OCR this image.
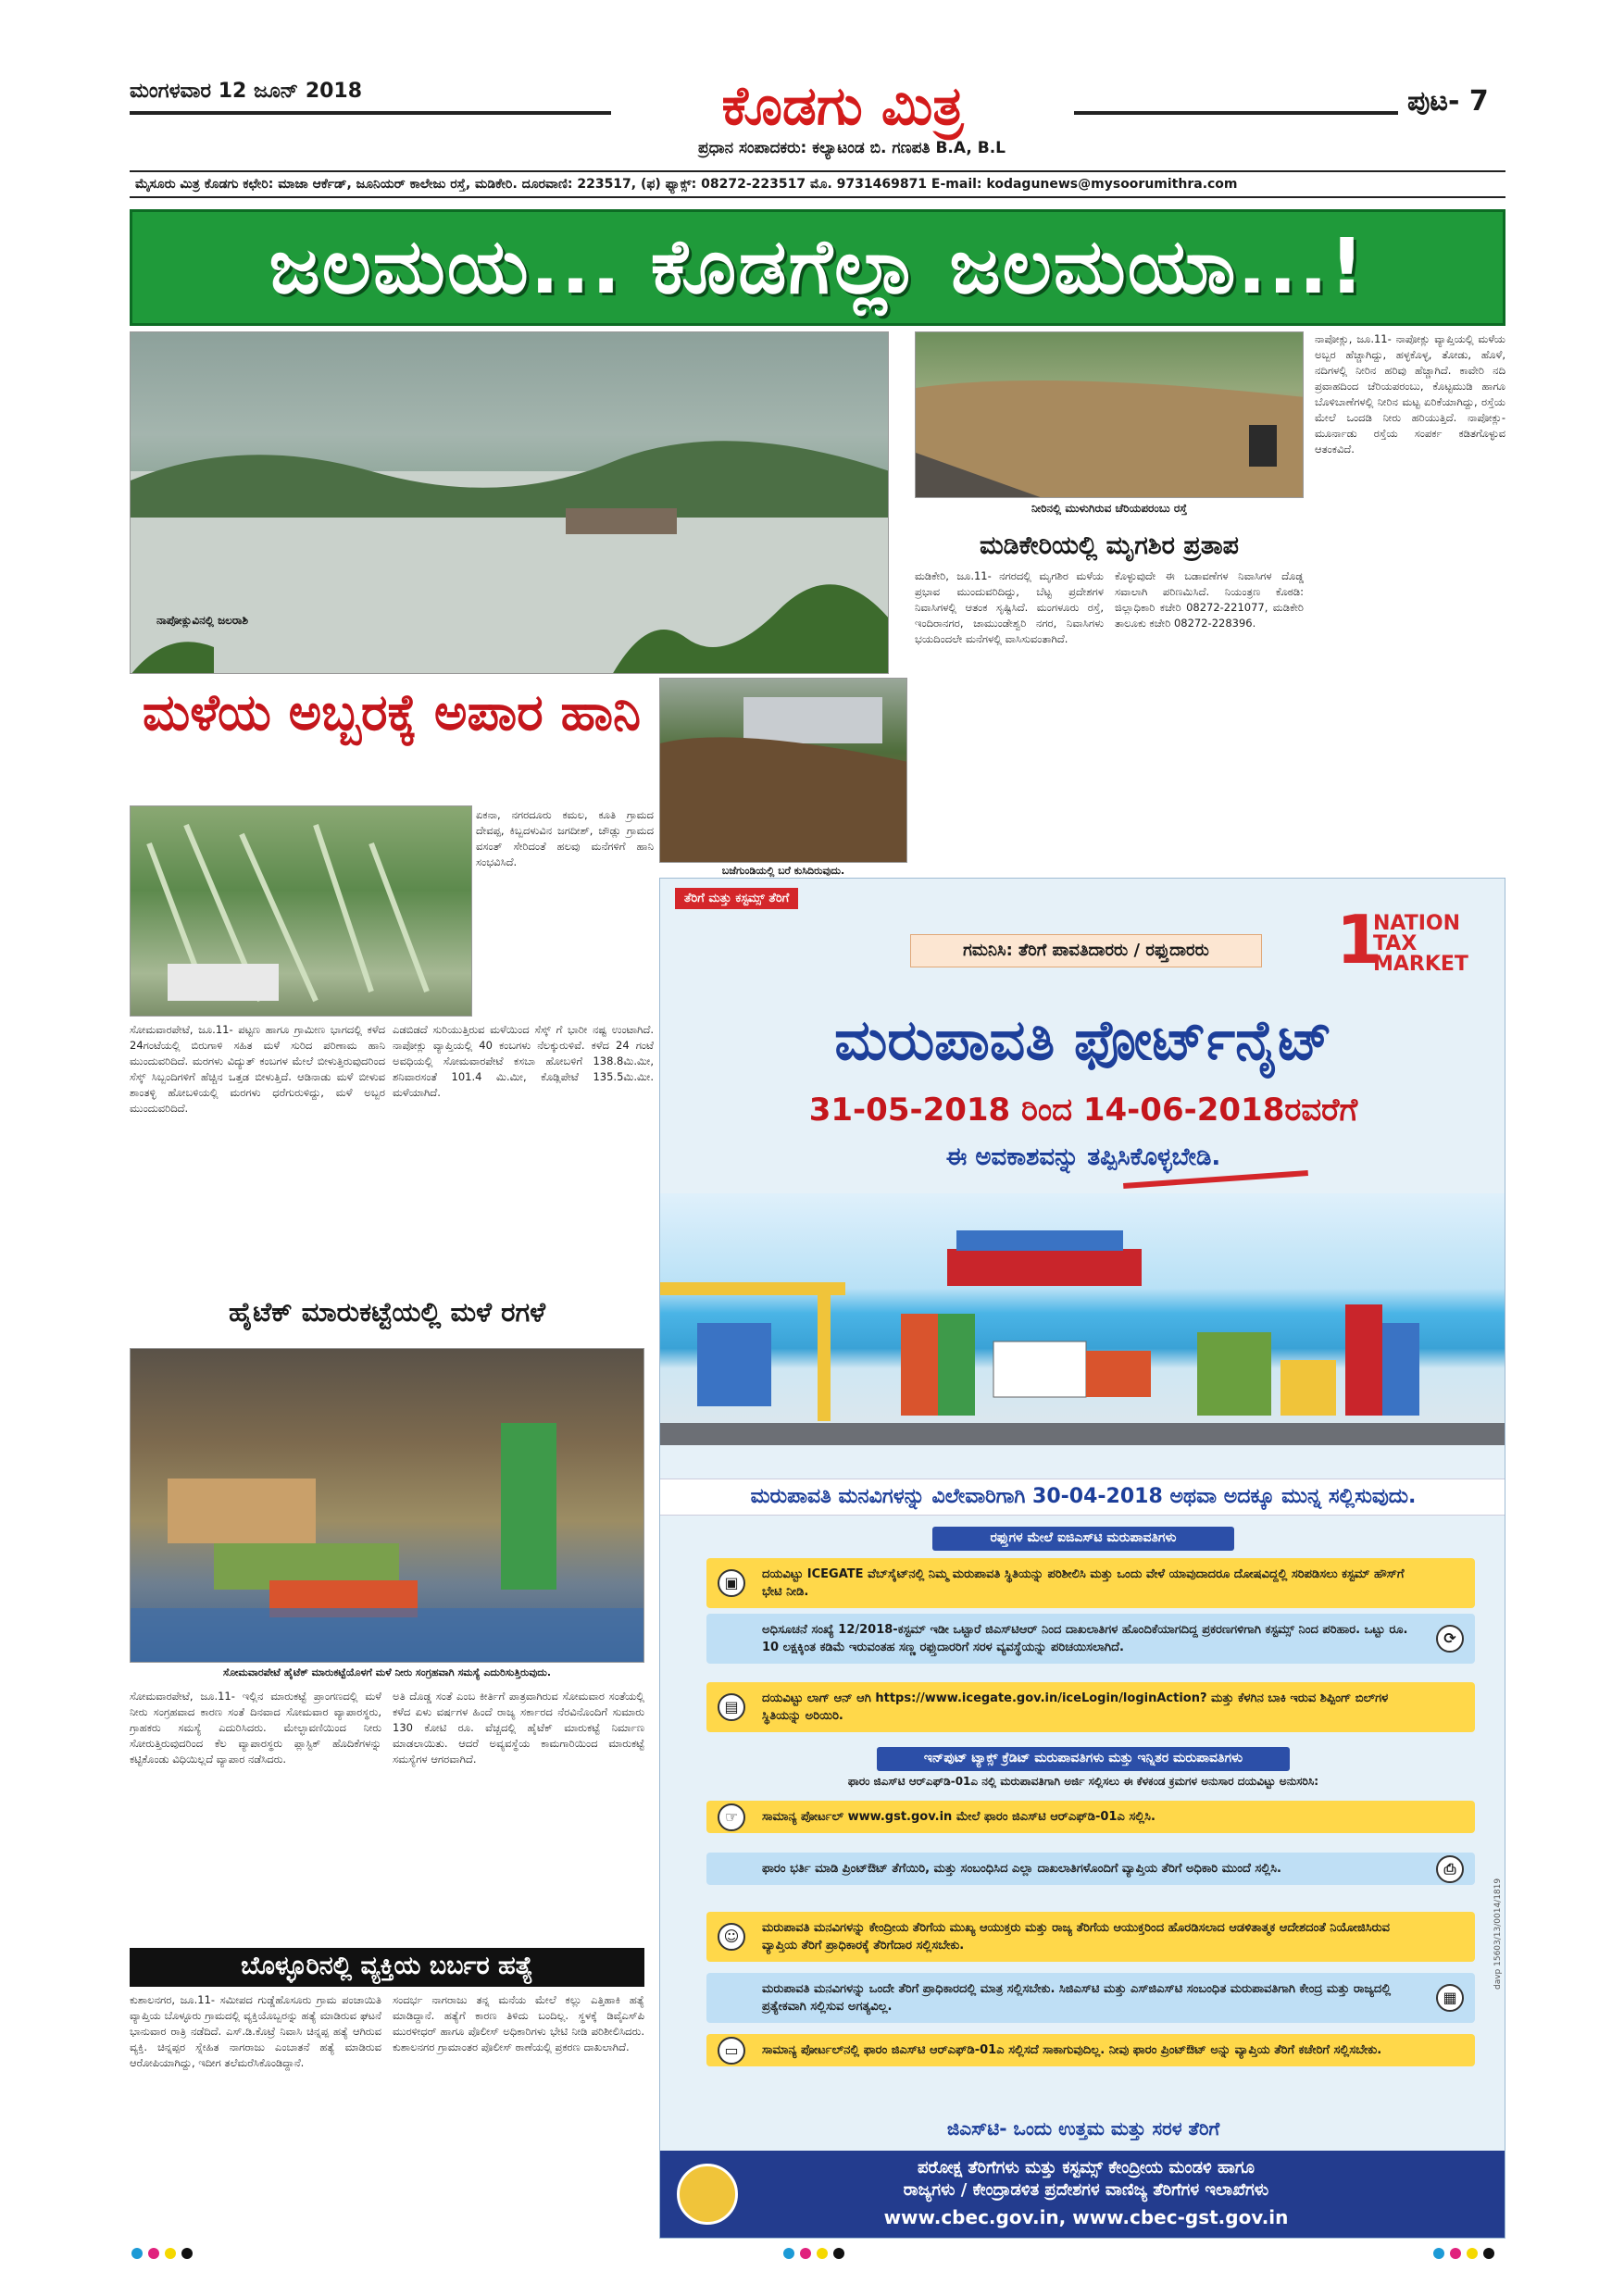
ಮಂಗಳವಾರ 12 ಜೂನ್ 2018	ಕೊಡಗು ಮಿತ್ರ
ಪ್ರಧಾನ ಸಂಪಾದಕರು: ಕಲ್ಯಾಟಂಡ ಬಿ. ಗಣಪತಿ B.A, B.L
ಪುಟ- 7
ಮೈಸೂರು ಮಿತ್ರ ಕೊಡಗು ಕಛೇರಿ: ಮಾಜಾ ಆರ್ಕೆಡ್, ಜೂನಿಯರ್ ಕಾಲೇಜು ರಸ್ತೆ, ಮಡಿಕೇರಿ. ದೂರವಾಣಿ: 223517, (ಫ) ಫ್ಯಾಕ್ಸ್: 08272-223517 ಮೊ. 9731469871 E-mail: kodagunews@mysoorumithra.com
ಜಲಮಯ... ಕೊಡಗೆಲ್ಲಾ ಜಲಮಯಾ...!
ನಾಪೋಕ್ಲುವಿನಲ್ಲಿ ಜಲರಾಶಿ
ನೀರಿನಲ್ಲಿ ಮುಳುಗಿರುವ ಚೆರಿಯಪರಂಬು ರಸ್ತೆ
ಬಜೆಗುಂಡಿಯಲ್ಲಿ ಬರೆ ಕುಸಿದಿರುವುದು.
ಮಳೆಯ ಅಬ್ಬರಕ್ಕೆ ಅಪಾರ ಹಾನಿ
ಏಕನಾ, ನಗರದೂರು ಕಮಲ, ಕೂತಿ ಗ್ರಾಮದ ದೇವಪ್ಪ, ಕಿಬ್ಬದಳುವಿನ ಜಗದೀಶ್, ಚೌಡ್ಲು ಗ್ರಾಮದ ವಸಂತ್ ಸೇರಿದಂತೆ ಹಲವು ಮನೆಗಳಿಗೆ ಹಾನಿ ಸಂಭವಿಸಿದೆ.
ಸೋಮವಾರಪೇಟೆ, ಜೂ.11- ಪಟ್ಟಣ ಹಾಗೂ ಗ್ರಾಮೀಣ ಭಾಗದಲ್ಲಿ ಕಳೆದ 24ಗಂಟೆಯಲ್ಲಿ ಬಿರುಗಾಳಿ ಸಹಿತ ಮಳೆ ಸುರಿದ ಪರಿಣಾಮ ಹಾನಿ ಮುಂದುವರಿದಿದೆ. ಮರಗಳು ವಿದ್ಯುತ್ ಕಂಬಗಳ ಮೇಲೆ ಬೀಳುತ್ತಿರುವುದರಿಂದ ಸೆಸ್ಕ್ ಸಿಬ್ಬಂದಿಗಳಿಗೆ ಹೆಚ್ಚಿನ ಒತ್ತಡ ಬೀಳುತ್ತಿದೆ. ಆಡಿನಾಡು ಮಳೆ ಬೀಳುವ ಶಾಂತಳ್ಳಿ ಹೋಬಳಿಯಲ್ಲಿ ಮರಗಳು ಧರೆಗುರುಳಿದ್ದು, ಮಳೆ ಅಬ್ಬರ ಮುಂದುವರಿದಿದೆ.
ಎಡಬಿಡದೆ ಸುರಿಯುತ್ತಿರುವ ಮಳೆಯಿಂದ ಸೆಸ್ಕ್ ಗೆ ಭಾರೀ ನಷ್ಟ ಉಂಟಾಗಿದೆ. ನಾಪೋಕ್ಲು ವ್ಯಾಪ್ತಿಯಲ್ಲಿ 40 ಕಂಬಗಳು ನೆಲಕ್ಕುರುಳಿವೆ. ಕಳೆದ 24 ಗಂಟೆ ಅವಧಿಯಲ್ಲಿ ಸೋಮವಾರಪೇಟೆ ಕಸಬಾ ಹೋಬಳಿಗೆ 138.8ಮಿ.ಮೀ, ಶನಿವಾರಸಂತೆ 101.4 ಮಿ.ಮೀ, ಕೊಡ್ಲಿಪೇಟೆ 135.5ಮಿ.ಮೀ. ಮಳೆಯಾಗಿದೆ.
ಮಡಿಕೇರಿಯಲ್ಲಿ ಮೃಗಶಿರ ಪ್ರತಾಪ
ಮಡಿಕೇರಿ, ಜೂ.11- ನಗರದಲ್ಲಿ ಮೃಗಶಿರ ಮಳೆಯ ಪ್ರಭಾವ ಮುಂದುವರಿದಿದ್ದು, ಬೆಟ್ಟ ಪ್ರದೇಶಗಳ ನಿವಾಸಿಗಳಲ್ಲಿ ಆತಂಕ ಸೃಷ್ಟಿಸಿದೆ. ಮಂಗಳೂರು ರಸ್ತೆ, ಇಂದಿರಾನಗರ, ಚಾಮುಂಡೇಶ್ವರಿ ನಗರ, ನಿವಾಸಿಗಳು ಭಯದಿಂದಲೇ ಮನೆಗಳಲ್ಲಿ ವಾಸಿಸುವಂತಾಗಿದೆ.
ಕೊಳ್ಳುವುದೇ ಈ ಬಡಾವಣೆಗಳ ನಿವಾಸಿಗಳ ದೊಡ್ಡ ಸವಾಲಾಗಿ ಪರಿಣಮಿಸಿದೆ. ನಿಯಂತ್ರಣ ಕೊಠಡಿ: ಜಿಲ್ಲಾಧಿಕಾರಿ ಕಚೇರಿ 08272-221077, ಮಡಿಕೇರಿ ತಾಲೂಕು ಕಚೇರಿ 08272-228396.
ನಾಪೋಕ್ಲು, ಜೂ.11- ನಾಪೋಕ್ಲು ವ್ಯಾಪ್ತಿಯಲ್ಲಿ ಮಳೆಯ ಅಬ್ಬರ ಹೆಚ್ಚಾಗಿದ್ದು, ಹಳ್ಳಕೊಳ್ಳ, ತೋಡು, ಹೊಳೆ, ನದಿಗಳಲ್ಲಿ ನೀರಿನ ಹರಿವು ಹೆಚ್ಚಾಗಿದೆ. ಕಾವೇರಿ ನದಿ ಪ್ರವಾಹದಿಂದ ಚೆರಿಯಪರಂಬು, ಕೊಟ್ಟಮುಡಿ ಹಾಗೂ ಬೊಳಿಬಾಣೆಗಳಲ್ಲಿ ನೀರಿನ ಮಟ್ಟ ಏರಿಕೆಯಾಗಿದ್ದು, ರಸ್ತೆಯ ಮೇಲೆ ಒಂದಡಿ ನೀರು ಹರಿಯುತ್ತಿದೆ. ನಾಪೋಕ್ಲು-ಮೂರ್ನಾಡು ರಸ್ತೆಯ ಸಂಪರ್ಕ ಕಡಿತಗೊಳ್ಳುವ ಆತಂಕವಿದೆ.
ಹೈಟೆಕ್ ಮಾರುಕಟ್ಟೆಯಲ್ಲಿ ಮಳೆ ರಗಳೆ
ಸೋಮವಾರಪೇಟೆ ಹೈಟೆಕ್ ಮಾರುಕಟ್ಟೆಯೊಳಗೆ ಮಳೆ ನೀರು ಸಂಗ್ರಹವಾಗಿ ಸಮಸ್ಯೆ ಎದುರಿಸುತ್ತಿರುವುದು.
ಸೋಮವಾರಪೇಟೆ, ಜೂ.11- ಇಲ್ಲಿನ ಮಾರುಕಟ್ಟೆ ಪ್ರಾಂಗಣದಲ್ಲಿ ಮಳೆ ನೀರು ಸಂಗ್ರಹವಾದ ಕಾರಣ ಸಂತೆ ದಿನವಾದ ಸೋಮವಾರ ವ್ಯಾಪಾರಸ್ಥರು, ಗ್ರಾಹಕರು ಸಮಸ್ಯೆ ಎದುರಿಸಿದರು. ಮೇಲ್ಛಾವಣಿಯಿಂದ ನೀರು ಸೋರುತ್ತಿರುವುದರಿಂದ ಕೆಲ ವ್ಯಾಪಾರಸ್ಥರು ಪ್ಲಾಸ್ಟಿಕ್ ಹೊದಿಕೆಗಳನ್ನು ಕಟ್ಟಿಕೊಂಡು ವಿಧಿಯಿಲ್ಲದೆ ವ್ಯಾಪಾರ ನಡೆಸಿದರು.
ಅತಿ ದೊಡ್ಡ ಸಂತೆ ಎಂಬ ಕೀರ್ತಿಗೆ ಪಾತ್ರವಾಗಿರುವ ಸೋಮವಾರ ಸಂತೆಯಲ್ಲಿ ಕಳೆದ ಏಳು ವರ್ಷಗಳ ಹಿಂದೆ ರಾಜ್ಯ ಸರ್ಕಾರದ ನೆರವಿನೊಂದಿಗೆ ಸುಮಾರು 130 ಕೋಟಿ ರೂ. ವೆಚ್ಚದಲ್ಲಿ ಹೈಟೆಕ್ ಮಾರುಕಟ್ಟೆ ನಿರ್ಮಾಣ ಮಾಡಲಾಯಿತು. ಆದರೆ ಅವ್ಯವಸ್ಥೆಯ ಕಾಮಗಾರಿಯಿಂದ ಮಾರುಕಟ್ಟೆ ಸಮಸ್ಯೆಗಳ ಆಗರವಾಗಿದೆ.
ಬೊಳ್ಳೂರಿನಲ್ಲಿ ವ್ಯಕ್ತಿಯ ಬರ್ಬರ ಹತ್ಯೆ
ಕುಶಾಲನಗರ, ಜೂ.11- ಸಮೀಪದ ಗುಡ್ಡೆಹೊಸೂರು ಗ್ರಾಮ ಪಂಚಾಯಿತಿ ವ್ಯಾಪ್ತಿಯ ಬೊಳ್ಳೂರು ಗ್ರಾಮದಲ್ಲಿ ವ್ಯಕ್ತಿಯೊಬ್ಬರನ್ನು ಹತ್ಯೆ ಮಾಡಿರುವ ಘಟನೆ ಭಾನುವಾರ ರಾತ್ರಿ ನಡೆದಿದೆ. ಎಸ್.ಡಿ.ಕೊಟ್ರೆ ನಿವಾಸಿ ಚಿನ್ನಪ್ಪ ಹತ್ಯೆ ಆಗಿರುವ ವ್ಯಕ್ತಿ. ಚಿನ್ನಪ್ಪರ ಸ್ನೇಹಿತ ನಾಗರಾಜು ಎಂಬಾತನೆ ಹತ್ಯೆ ಮಾಡಿರುವ ಆರೋಪಿಯಾಗಿದ್ದು, ಇದೀಗ ತಲೆಮರೆಸಿಕೊಂಡಿದ್ದಾನೆ.
ಸಂದರ್ಭ ನಾಗರಾಜು ತನ್ನ ಮನೆಯ ಮೇಲೆ ಕಲ್ಲು ಎತ್ತಿಹಾಕಿ ಹತ್ಯೆ ಮಾಡಿದ್ದಾನೆ. ಹತ್ಯೆಗೆ ಕಾರಣ ತಿಳಿದು ಬಂದಿಲ್ಲ. ಸ್ಥಳಕ್ಕೆ ಡಿವೈಎಸ್‌ಪಿ ಮುರಳೀಧರ್ ಹಾಗೂ ಪೊಲೀಸ್ ಅಧಿಕಾರಿಗಳು ಭೇಟಿ ನೀಡಿ ಪರಿಶೀಲಿಸಿದರು. ಕುಶಾಲನಗರ ಗ್ರಾಮಾಂತರ ಪೊಲೀಸ್ ಠಾಣೆಯಲ್ಲಿ ಪ್ರಕರಣ ದಾಖಲಾಗಿದೆ.
ತೆರಿಗೆ ಮತ್ತು ಕಸ್ಟಮ್ಸ್ ತೆರಿಗೆ
ಗಮನಿಸಿ: ತೆರಿಗೆ ಪಾವತಿದಾರರು / ರಫ್ತುದಾರರು	1
NATION
TAX
MARKET
ಮರುಪಾವತಿ ಫೋರ್ಟ್‌ನೈಟ್
31-05-2018 ರಿಂದ 14-06-2018ರವರೆಗೆ
ಈ ಅವಕಾಶವನ್ನು ತಪ್ಪಿಸಿಕೊಳ್ಳಬೇಡಿ.
ಮರುಪಾವತಿ ಮನವಿಗಳನ್ನು ವಿಲೇವಾರಿಗಾಗಿ 30-04-2018 ಅಥವಾ ಅದಕ್ಕೂ ಮುನ್ನ ಸಲ್ಲಿಸುವುದು.
ರಫ್ತುಗಳ ಮೇಲೆ ಐಜಿಎಸ್‌ಟಿ ಮರುಪಾವತಿಗಳು
▣	ದಯವಿಟ್ಟು ICEGATE ವೆಬ್‌ಸೈಟ್‌ನಲ್ಲಿ ನಿಮ್ಮ ಮರುಪಾವತಿ ಸ್ಥಿತಿಯನ್ನು ಪರಿಶೀಲಿಸಿ ಮತ್ತು ಒಂದು ವೇಳೆ ಯಾವುದಾದರೂ ದೋಷವಿದ್ದಲ್ಲಿ ಸರಿಪಡಿಸಲು ಕಸ್ಟಮ್ ಹೌಸ್‌ಗೆ ಭೇಟಿ ನೀಡಿ.
⟳
ಅಧಿಸೂಚನೆ ಸಂಖ್ಯೆ 12/2018-ಕಸ್ಟಮ್ ಇಡೀ ಒಟ್ಟಾರೆ ಜಿಎಸ್‌ಟಿಆರ್ ನಿಂದ ದಾಖಲಾತಿಗಳ ಹೊಂದಿಕೆಯಾಗದಿದ್ದ ಪ್ರಕರಣಗಳಿಗಾಗಿ ಕಸ್ಟಮ್ಸ್ ನಿಂದ ಪರಿಹಾರ. ಒಟ್ಟು ರೂ. 10 ಲಕ್ಷಕ್ಕಿಂತ ಕಡಿಮೆ ಇರುವಂತಹ ಸಣ್ಣ ರಫ್ತುದಾರರಿಗೆ ಸರಳ ವ್ಯವಸ್ಥೆಯನ್ನು ಪರಿಚಯಿಸಲಾಗಿದೆ.
▤	ದಯವಿಟ್ಟು ಲಾಗ್ ಆನ್ ಆಗಿ https://www.icegate.gov.in/iceLogin/loginAction? ಮತ್ತು ಕೆಳಗಿನ ಬಾಕಿ ಇರುವ ಶಿಪ್ಪಿಂಗ್ ಬಿಲ್‌ಗಳ ಸ್ಥಿತಿಯನ್ನು ಅರಿಯಿರಿ.
ಇನ್‌ಪುಟ್ ಟ್ಯಾಕ್ಸ್ ಕ್ರೆಡಿಟ್ ಮರುಪಾವತಿಗಳು ಮತ್ತು ಇನ್ನಿತರ ಮರುಪಾವತಿಗಳು
ಫಾರಂ ಜಿಎಸ್‌ಟಿ ಆರ್‌ಎಫ್‌ಡಿ-01ಎ ನಲ್ಲಿ ಮರುಪಾವತಿಗಾಗಿ ಅರ್ಜಿ ಸಲ್ಲಿಸಲು ಈ ಕೆಳಕಂಡ ಕ್ರಮಗಳ ಅನುಸಾರ ದಯವಿಟ್ಟು ಅನುಸರಿಸಿ:
☞	ಸಾಮಾನ್ಯ ಪೋರ್ಟಲ್ www.gst.gov.in ಮೇಲೆ ಫಾರಂ ಜಿಎಸ್‌ಟಿ ಆರ್‌ಎಫ್‌ಡಿ-01ಎ ಸಲ್ಲಿಸಿ.
⎙
ಫಾರಂ ಭರ್ತಿ ಮಾಡಿ ಪ್ರಿಂಟ್‌ಔಟ್ ತೆಗೆಯಿರಿ, ಮತ್ತು ಸಂಬಂಧಿಸಿದ ಎಲ್ಲಾ ದಾಖಲಾತಿಗಳೊಂದಿಗೆ ವ್ಯಾಪ್ತಿಯ ತೆರಿಗೆ ಅಧಿಕಾರಿ ಮುಂದೆ ಸಲ್ಲಿಸಿ.
☺	ಮರುಪಾವತಿ ಮನವಿಗಳನ್ನು ಕೇಂದ್ರೀಯ ತೆರಿಗೆಯ ಮುಖ್ಯ ಆಯುಕ್ತರು ಮತ್ತು ರಾಜ್ಯ ತೆರಿಗೆಯ ಆಯುಕ್ತರಿಂದ ಹೊರಡಿಸಲಾದ ಆಡಳಿತಾತ್ಮಕ ಆದೇಶದಂತೆ ನಿಯೋಜಿಸಿರುವ ವ್ಯಾಪ್ತಿಯ ತೆರಿಗೆ ಪ್ರಾಧಿಕಾರಕ್ಕೆ ತೆರಿಗೆದಾರ ಸಲ್ಲಿಸಬೇಕು.
▦
ಮರುಪಾವತಿ ಮನವಿಗಳನ್ನು ಒಂದೇ ತೆರಿಗೆ ಪ್ರಾಧಿಕಾರದಲ್ಲಿ ಮಾತ್ರ ಸಲ್ಲಿಸಬೇಕು. ಸಿಜಿಎಸ್‌ಟಿ ಮತ್ತು ಎಸ್‌ಜಿಎಸ್‌ಟಿ ಸಂಬಂಧಿತ ಮರುಪಾವತಿಗಾಗಿ ಕೇಂದ್ರ ಮತ್ತು ರಾಜ್ಯದಲ್ಲಿ ಪ್ರತ್ಯೇಕವಾಗಿ ಸಲ್ಲಿಸುವ ಅಗತ್ಯವಿಲ್ಲ.
▭	ಸಾಮಾನ್ಯ ಪೋರ್ಟಲ್‌ನಲ್ಲಿ ಫಾರಂ ಜಿಎಸ್‌ಟಿ ಆರ್‌ಎಫ್‌ಡಿ-01ಎ ಸಲ್ಲಿಸದೆ ಸಾಕಾಗುವುದಿಲ್ಲ. ನೀವು ಫಾರಂ ಪ್ರಿಂಟ್‌ಔಟ್ ಅನ್ನು ವ್ಯಾಪ್ತಿಯ ತೆರಿಗೆ ಕಚೇರಿಗೆ ಸಲ್ಲಿಸಬೇಕು.
ಜಿಎಸ್‌ಟಿ- ಒಂದು ಉತ್ತಮ ಮತ್ತು ಸರಳ ತೆರಿಗೆ
ಪರೋಕ್ಷ ತೆರಿಗೆಗಳು ಮತ್ತು ಕಸ್ಟಮ್ಸ್ ಕೇಂದ್ರೀಯ ಮಂಡಳಿ ಹಾಗೂ
ರಾಜ್ಯಗಳು / ಕೇಂದ್ರಾಡಳಿತ ಪ್ರದೇಶಗಳ ವಾಣಿಜ್ಯ ತೆರಿಗೆಗಳ ಇಲಾಖೆಗಳು
www.cbec.gov.in, www.cbec-gst.gov.in
davp 15603/13/0014/1819
